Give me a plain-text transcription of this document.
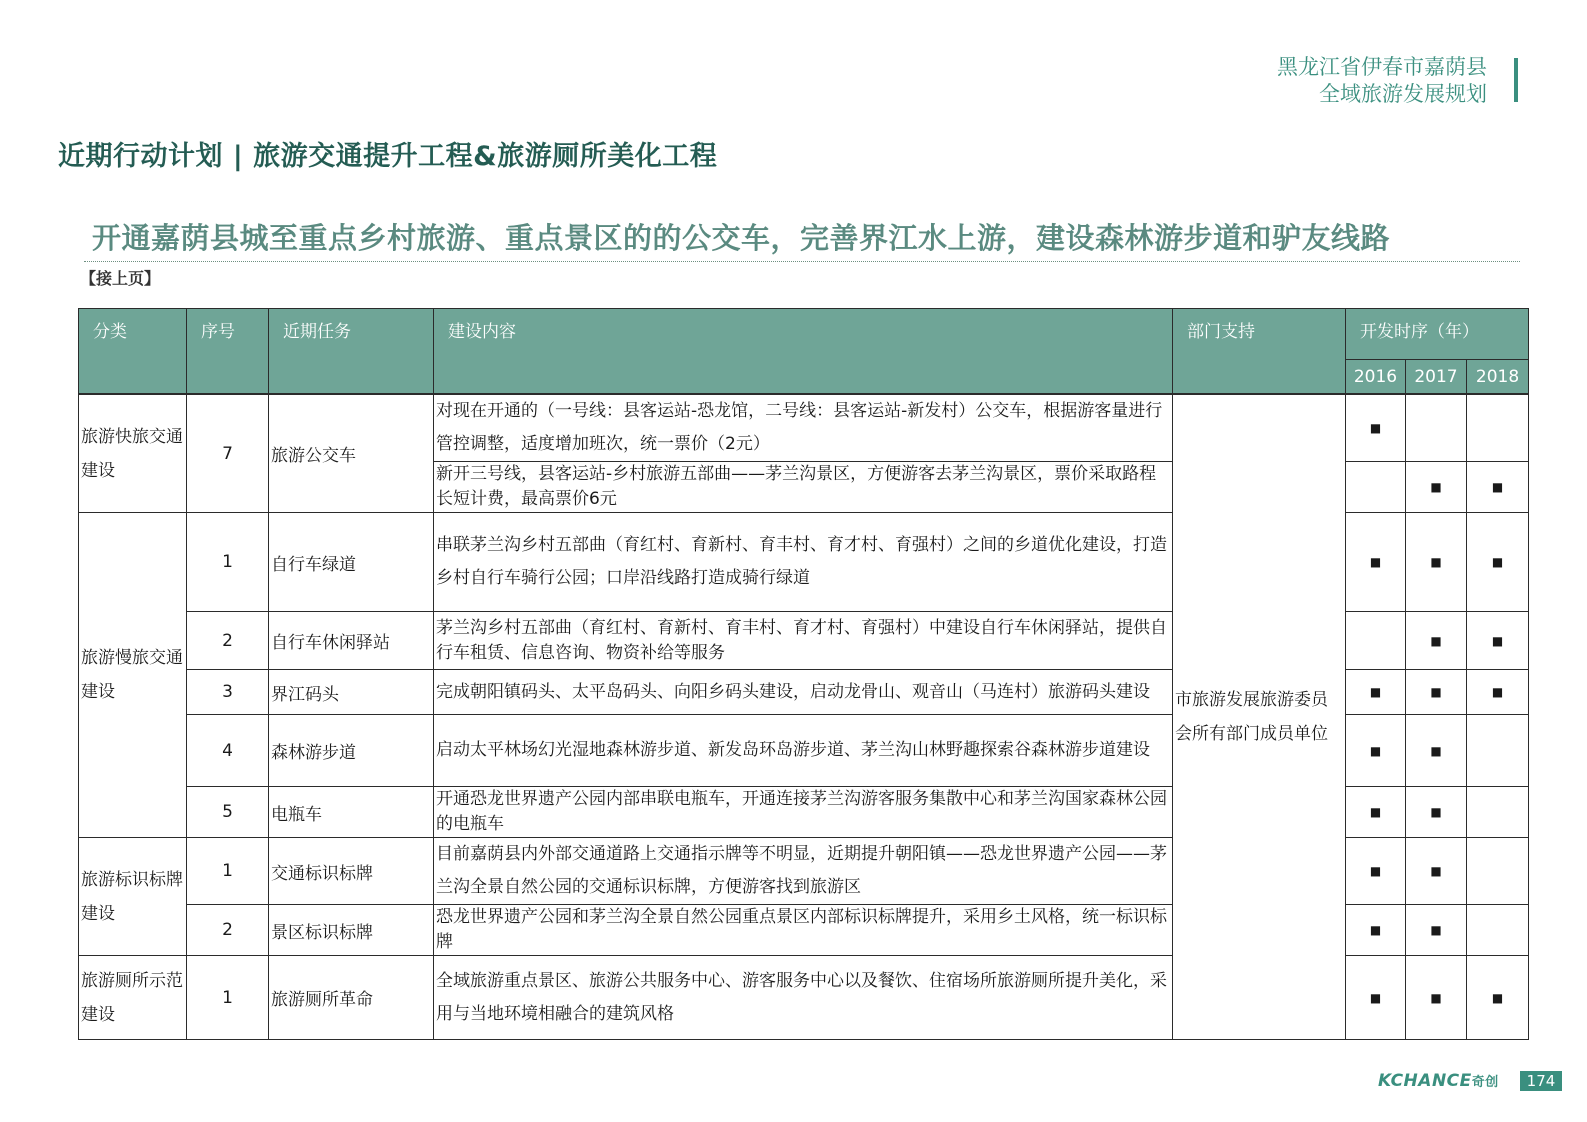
黑龙江省伊春市嘉荫县
全域旅游发展规划
近期行动计划 | 旅游交通提升工程&旅游厕所美化工程
开通嘉荫县城至重点乡村旅游、重点景区的的公交车，完善界江水上游，建设森林游步道和驴友线路
【接上页】
分类	序号	近期任务	建设内容	部门支持	开发时序（年）		
					2016	2017	2018
旅游快旅交通建设	7	旅游公交车	对现在开通的（一号线：县客运站-恐龙馆，二号线：县客运站-新发村）公交车，根据游客量进行管控调整，适度增加班次，统一票价（2元）	市旅游发展旅游委员会所有部门成员单位	■		
			新开三号线，县客运站-乡村旅游五部曲——茅兰沟景区，方便游客去茅兰沟景区，票价采取路程长短计费，最高票价6元			■	■
旅游慢旅交通建设	1	自行车绿道	串联茅兰沟乡村五部曲（育红村、育新村、育丰村、育才村、育强村）之间的乡道优化建设，打造乡村自行车骑行公园；口岸沿线路打造成骑行绿道		■	■	■
	2	自行车休闲驿站	茅兰沟乡村五部曲（育红村、育新村、育丰村、育才村、育强村）中建设自行车休闲驿站，提供自行车租赁、信息咨询、物资补给等服务			■	■
	3	界江码头	完成朝阳镇码头、太平岛码头、向阳乡码头建设，启动龙骨山、观音山（马连村）旅游码头建设		■	■	■
	4	森林游步道	启动太平林场幻光湿地森林游步道、新发岛环岛游步道、茅兰沟山林野趣探索谷森林游步道建设		■	■	
	5	电瓶车	开通恐龙世界遗产公园内部串联电瓶车，开通连接茅兰沟游客服务集散中心和茅兰沟国家森林公园的电瓶车		■	■	
旅游标识标牌建设	1	交通标识标牌	目前嘉荫县内外部交通道路上交通指示牌等不明显，近期提升朝阳镇——恐龙世界遗产公园——茅兰沟全景自然公园的交通标识标牌，方便游客找到旅游区		■	■	
	2	景区标识标牌	恐龙世界遗产公园和茅兰沟全景自然公园重点景区内部标识标牌提升，采用乡土风格，统一标识标牌		■	■	
旅游厕所示范建设	1	旅游厕所革命	全域旅游重点景区、旅游公共服务中心、游客服务中心以及餐饮、住宿场所旅游厕所提升美化，采用与当地环境相融合的建筑风格		■	■	■
KCHANCE奇创	174
